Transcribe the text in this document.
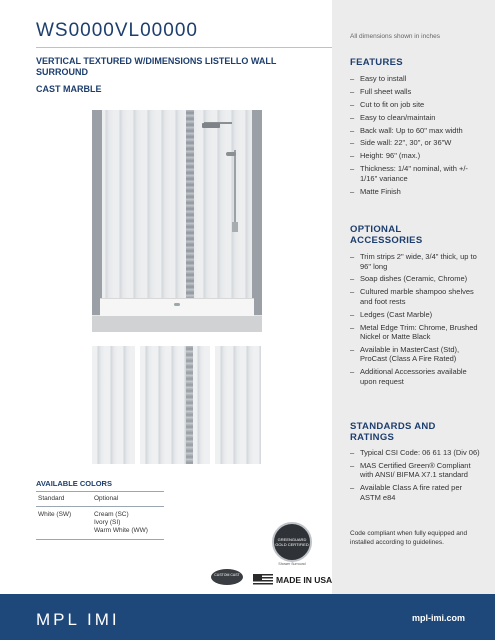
WS0000VL00000	All dimensions shown in inches
VERTICAL TEXTURED W/DIMENSIONS LISTELLO WALL SURROUND
CAST MARBLE
AVAILABLE COLORS
Standard	Optional
White (SW)	Cream (SC)
Ivory (SI)
Warm White (WW)
GREENGUARD GOLD CERTIFIED
Shower Surround
CUSTOM CAST	MADE IN USA
FEATURES
– Easy to install
– Full sheet walls
– Cut to fit on job site
– Easy to clean/maintain
– Back wall: Up to 60" max width
– Side wall: 22", 30", or 36"W
– Height: 96" (max.)
– Thickness: 1/4" nominal, with +/- 1/16" variance
– Matte Finish
OPTIONAL
ACCESSORIES
– Trim strips 2" wide, 3/4" thick, up to 96" long
– Soap dishes (Ceramic, Chrome)
– Cultured marble shampoo shelves and foot rests
– Ledges (Cast Marble)
– Metal Edge Trim: Chrome, Brushed Nickel or Matte Black
– Available in MasterCast (Std), ProCast (Class A Fire Rated)
– Additional Accessories available upon request
STANDARDS AND
RATINGS
– Typical CSI Code: 06 61 13 (Div 06)
– MAS Certified Green® Compliant with ANSI/ BIFMA X7.1 standard
– Available Class A fire rated per ASTM e84
Code compliant when fully equipped and installed according to guidelines.
MPL IMI	mpl-imi.com
